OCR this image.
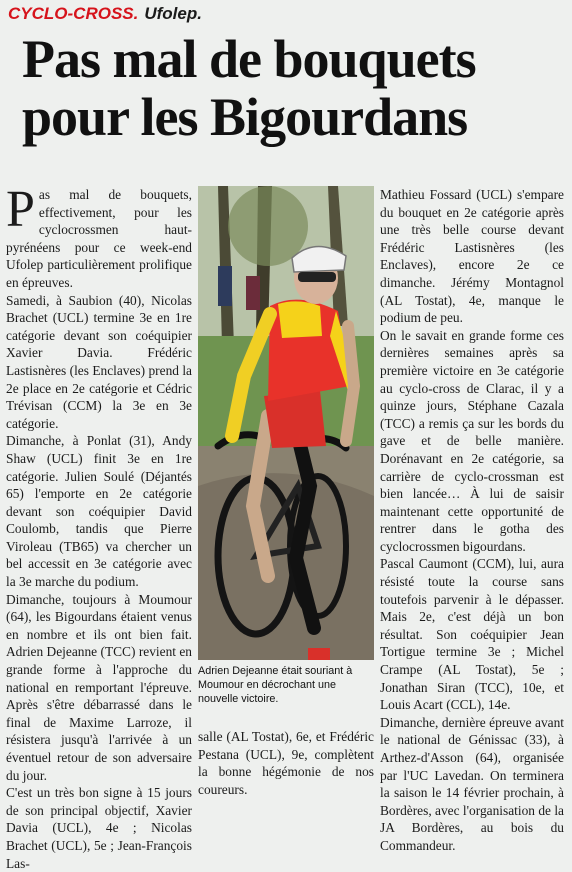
CYCLO-CROSS. Ufolep.
Pas mal de bouquets
pour les Bigourdans

Pas mal de bouquets, effectivement, pour les cyclocrossmen haut-pyrénéens pour ce week-end Ufolep particulièrement prolifique en épreuves.

Samedi, à Saubion (40), Nicolas Brachet (UCL) termine 3e en 1re catégorie devant son coéquipier Xavier Davia. Frédéric Lastisnères (les Enclaves) prend la 2e place en 2e catégorie et Cédric Trévisan (CCM) la 3e en 3e catégorie.

Dimanche, à Ponlat (31), Andy Shaw (UCL) finit 3e en 1re catégorie. Julien Soulé (Déjantés 65) l'emporte en 2e catégorie devant son coéquipier David Coulomb, tandis que Pierre Viroleau (TB65) va chercher un bel accessit en 3e catégorie avec la 3e marche du podium.

Dimanche, toujours à Moumour (64), les Bigourdans étaient venus en nombre et ils ont bien fait. Adrien Dejeanne (TCC) revient en grande forme à l'approche du national en remportant l'épreuve. Après s'être débarrassé dans le final de Maxime Larroze, il résistera jusqu'à l'arrivée à un éventuel retour de son adversaire du jour.

C'est un très bon signe à 15 jours de son principal objectif, Xavier Davia (UCL), 4e ; Nicolas Brachet (UCL), 5e ; Jean-François Las-

Adrien Dejeanne était souriant à Moumour en décrochant une nouvelle victoire.

salle (AL Tostat), 6e, et Frédéric Pestana (UCL), 9e, complètent la bonne hégémonie de nos coureurs.

Mathieu Fossard (UCL) s'empare du bouquet en 2e catégorie après une très belle course devant Frédéric Lastisnères (les Enclaves), encore 2e ce dimanche. Jérémy Montagnol (AL Tostat), 4e, manque le podium de peu.

On le savait en grande forme ces dernières semaines après sa première victoire en 3e catégorie au cyclo-cross de Clarac, il y a quinze jours, Stéphane Cazala (TCC) a remis ça sur les bords du gave et de belle manière. Dorénavant en 2e catégorie, sa carrière de cyclo-crossman est bien lancée… À lui de saisir maintenant cette opportunité de rentrer dans le gotha des cyclocrossmen bigourdans.

Pascal Caumont (CCM), lui, aura résisté toute la course sans toutefois parvenir à le dépasser. Mais 2e, c'est déjà un bon résultat. Son coéquipier Jean Tortigue termine 3e ; Michel Crampe (AL Tostat), 5e ; Jonathan Siran (TCC), 10e, et Louis Acart (CCL), 14e.

Dimanche, dernière épreuve avant le national de Génissac (33), à Arthez-d'Asson (64), organisée par l'UC Lavedan. On terminera la saison le 14 février prochain, à Bordères, avec l'organisation de la JA Bordères, au bois du Commandeur.
